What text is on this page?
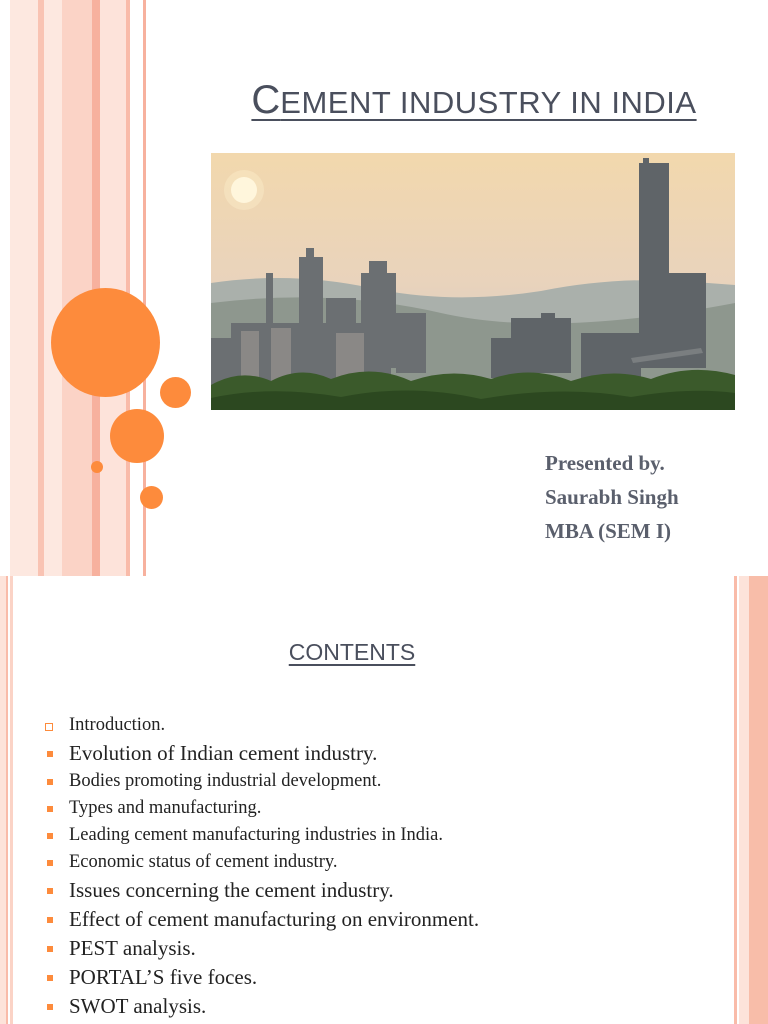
CEMENT INDUSTRY IN INDIA
Presented by.
Saurabh Singh
MBA (SEM I)
CONTENTS
Introduction.
Evolution of Indian cement industry.
Bodies promoting industrial development.
Types and manufacturing.
Leading cement manufacturing industries in India.
Economic status of cement industry.
Issues concerning the cement industry.
Effect of cement manufacturing on environment.
PEST analysis.
PORTAL’S five foces.
SWOT analysis.
